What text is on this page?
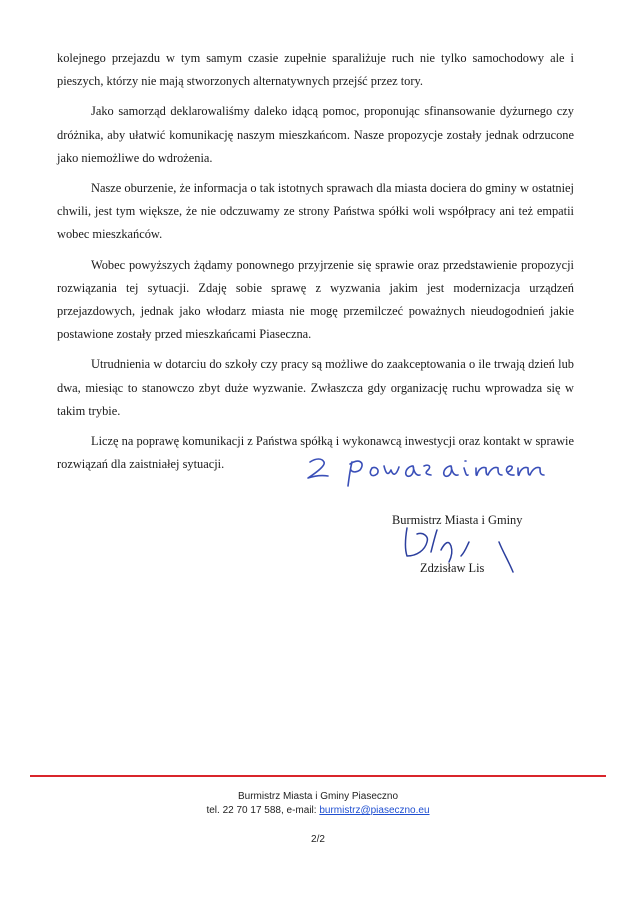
kolejnego przejazdu w tym samym czasie zupełnie sparaliżuje ruch nie tylko samochodowy ale i pieszych, którzy nie mają stworzonych alternatywnych przejść przez tory.

Jako samorząd deklarowaliśmy daleko idącą pomoc, proponując sfinansowanie dyżurnego czy dróżnika, aby ułatwić komunikację naszym mieszkańcom. Nasze propozycje zostały jednak odrzucone jako niemożliwe do wdrożenia.

Nasze oburzenie, że informacja o tak istotnych sprawach dla miasta dociera do gminy w ostatniej chwili, jest tym większe, że nie odczuwamy ze strony Państwa spółki woli współpracy ani też empatii wobec mieszkańców.

Wobec powyższych żądamy ponownego przyjrzenie się sprawie oraz przedstawienie propozycji rozwiązania tej sytuacji. Zdaję sobie sprawę z wyzwania jakim jest modernizacja urządzeń przejazdowych, jednak jako włodarz miasta nie mogę przemilczeć poważnych nieudogodnień jakie postawione zostały przed mieszkańcami Piaseczna.

Utrudnienia w dotarciu do szkoły czy pracy są możliwe do zaakceptowania o ile trwają dzień lub dwa, miesiąc to stanowczo zbyt duże wyzwanie. Zwłaszcza gdy organizację ruchu wprowadza się w takim trybie.

Liczę na poprawę komunikacji z Państwa spółką i wykonawcą inwestycji oraz kontakt w sprawie rozwiązań dla zaistniałej sytuacji.

Burmistrz Miasta i Gminy
Zdzisław Lis
Burmistrz Miasta i Gminy Piaseczno
tel. 22 70 17 588, e-mail: burmistrz@piaseczno.eu
2/2
